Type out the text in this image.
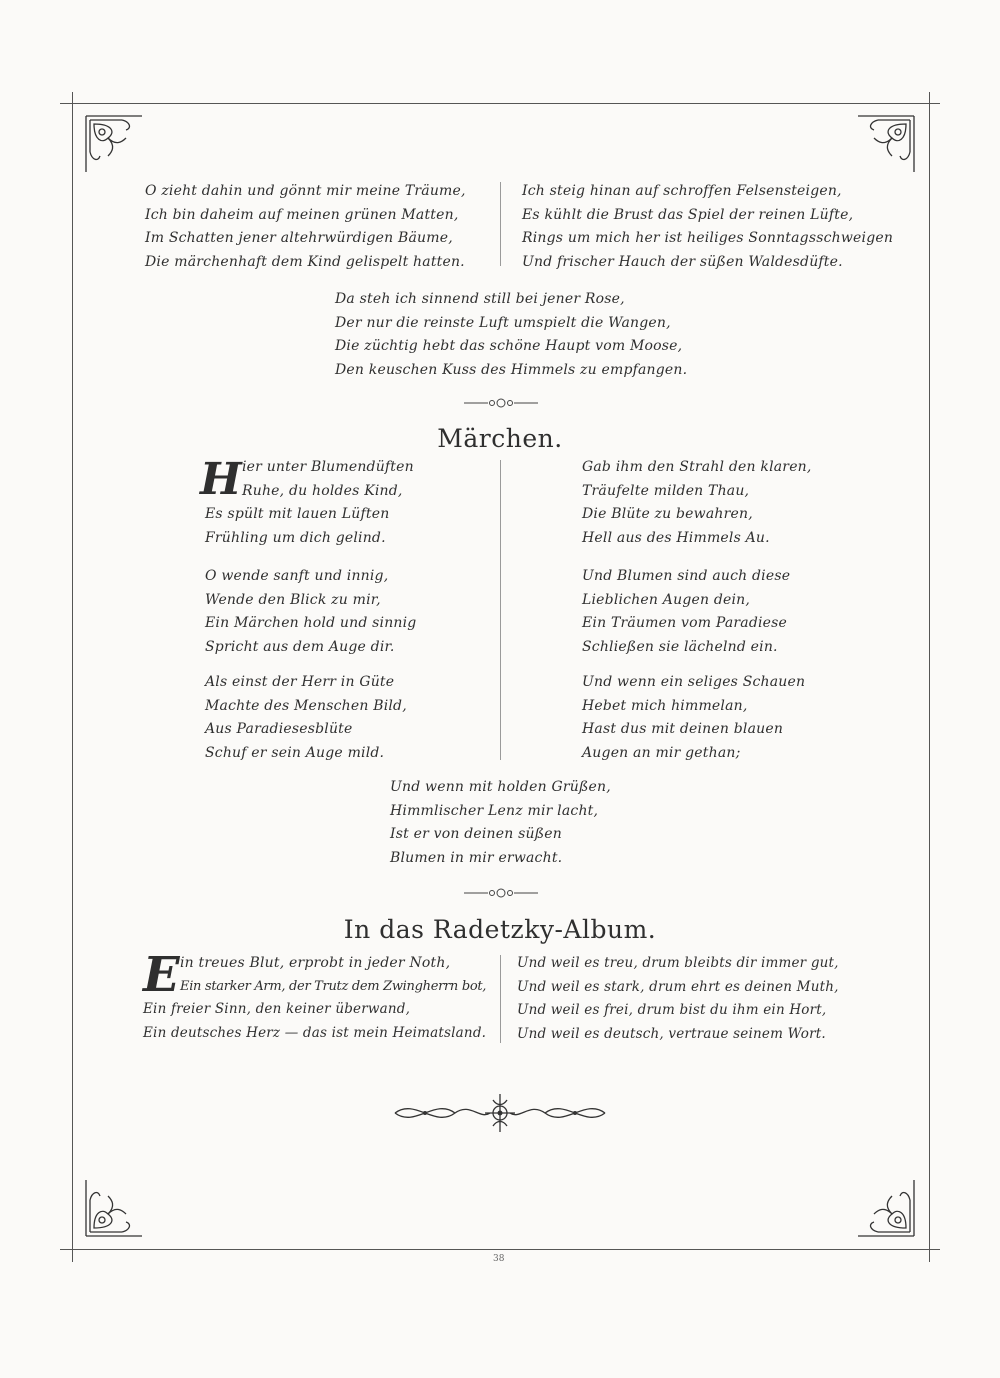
O zieht dahin und gönnt mir meine Träume,
Ich bin daheim auf meinen grünen Matten,
Im Schatten jener altehrwürdigen Bäume,
Die märchenhaft dem Kind gelispelt hatten.
Ich steig hinan auf schroffen Felsensteigen,
Es kühlt die Brust das Spiel der reinen Lüfte,
Rings um mich her ist heiliges Sonntagsschweigen
Und frischer Hauch der süßen Waldesdüfte.
Da steh ich sinnend still bei jener Rose,
Der nur die reinste Luft umspielt die Wangen,
Die züchtig hebt das schöne Haupt vom Moose,
Den keuschen Kuss des Himmels zu empfangen.
Märchen.
H ier unter Blumendüften
Ruhe, du holdes Kind,
Es spült mit lauen Lüften
Frühling um dich gelind.
O wende sanft und innig,
Wende den Blick zu mir,
Ein Märchen hold und sinnig
Spricht aus dem Auge dir.
Als einst der Herr in Güte
Machte des Menschen Bild,
Aus Paradiesesblüte
Schuf er sein Auge mild.
Gab ihm den Strahl den klaren,
Träufelte milden Thau,
Die Blüte zu bewahren,
Hell aus des Himmels Au.
Und Blumen sind auch diese
Lieblichen Augen dein,
Ein Träumen vom Paradiese
Schließen sie lächelnd ein.
Und wenn ein seliges Schauen
Hebet mich himmelan,
Hast dus mit deinen blauen
Augen an mir gethan;
Und wenn mit holden Grüßen,
Himmlischer Lenz mir lacht,
Ist er von deinen süßen
Blumen in mir erwacht.
In das Radetzky-Album.
E in treues Blut, erprobt in jeder Noth,
Ein starker Arm, der Trutz dem Zwingherrn bot,
Ein freier Sinn, den keiner überwand,
Ein deutsches Herz — das ist mein Heimatsland.
Und weil es treu, drum bleibts dir immer gut,
Und weil es stark, drum ehrt es deinen Muth,
Und weil es frei, drum bist du ihm ein Hort,
Und weil es deutsch, vertraue seinem Wort.
38
